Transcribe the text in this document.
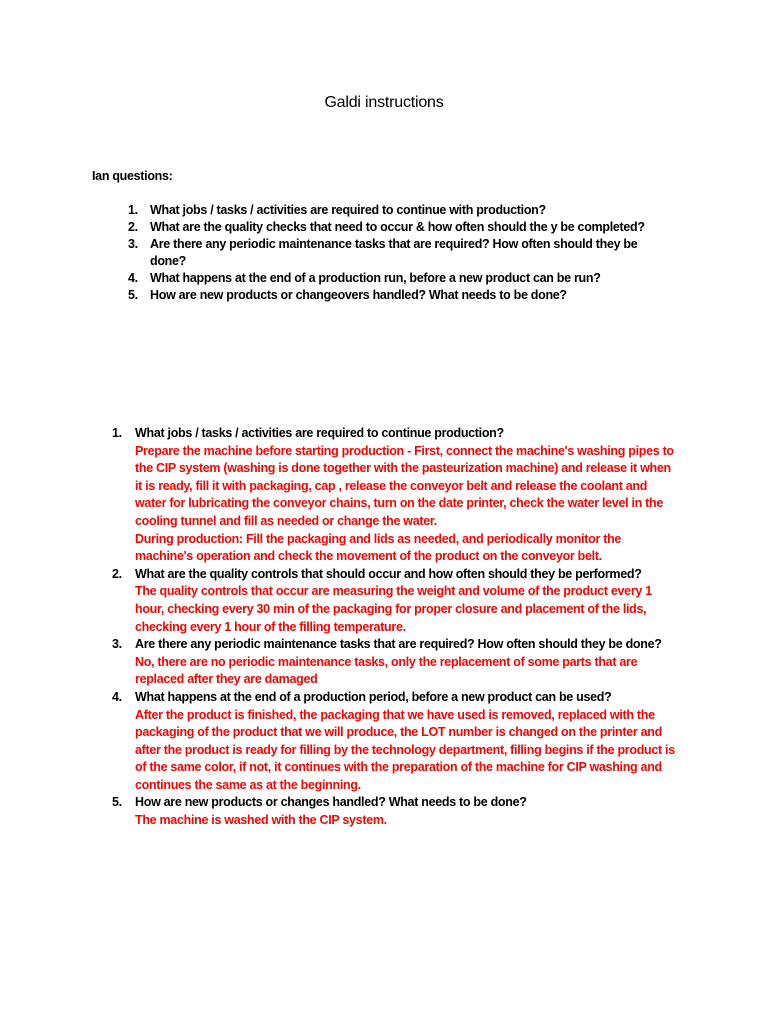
Galdi instructions
Ian questions:
1. What jobs / tasks / activities are required to continue with production?
2. What are the quality checks that need to occur & how often should the y be completed?
3. Are there any periodic maintenance tasks that are required? How often should they be done?
4. What happens at the end of a production run, before a new product can be run?
5. How are new products or changeovers handled? What needs to be done?
1. What jobs / tasks / activities are required to continue production?
Prepare the machine before starting production - First, connect the machine's washing pipes to the CIP system (washing is done together with the pasteurization machine) and release it when it is ready, fill it with packaging, cap , release the conveyor belt and release the coolant and water for lubricating the conveyor chains, turn on the date printer, check the water level in the cooling tunnel and fill as needed or change the water.
During production: Fill the packaging and lids as needed, and periodically monitor the machine's operation and check the movement of the product on the conveyor belt.
2. What are the quality controls that should occur and how often should they be performed?
The quality controls that occur are measuring the weight and volume of the product every 1 hour, checking every 30 min of the packaging for proper closure and placement of the lids, checking every 1 hour of the filling temperature.
3. Are there any periodic maintenance tasks that are required? How often should they be done?
No, there are no periodic maintenance tasks, only the replacement of some parts that are replaced after they are damaged
4. What happens at the end of a production period, before a new product can be used?
After the product is finished, the packaging that we have used is removed, replaced with the packaging of the product that we will produce, the LOT number is changed on the printer and after the product is ready for filling by the technology department, filling begins if the product is of the same color, if not, it continues with the preparation of the machine for CIP washing and continues the same as at the beginning.
5. How are new products or changes handled? What needs to be done?
The machine is washed with the CIP system.
